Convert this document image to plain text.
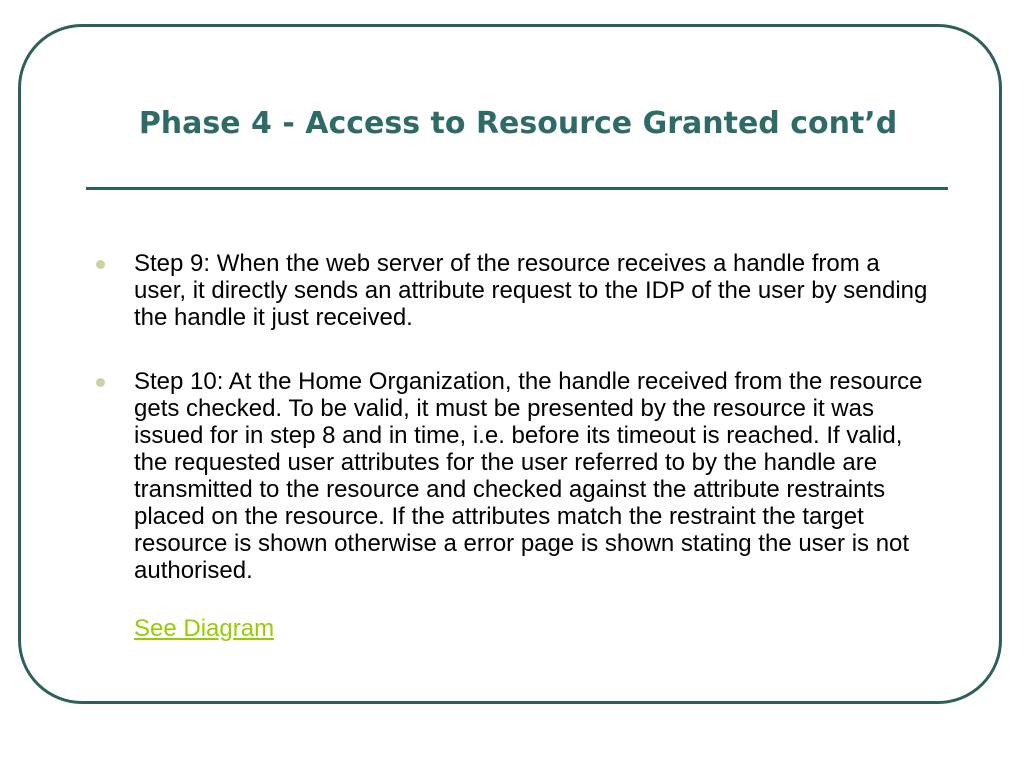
Phase 4 - Access to Resource Granted cont’d
Step 9: When the web server of the resource receives a handle from a user, it directly sends an attribute request to the IDP of the user by sending the handle it just received.
Step 10: At the Home Organization, the handle received from the resource gets checked. To be valid, it must be presented by the resource it was issued for in step 8 and in time, i.e. before its timeout is reached. If valid, the requested user attributes for the user referred to by the handle are transmitted to the resource and checked against the attribute restraints placed on the resource. If the attributes match the restraint the target resource is shown otherwise a error page is shown stating the user is not authorised.
See Diagram
